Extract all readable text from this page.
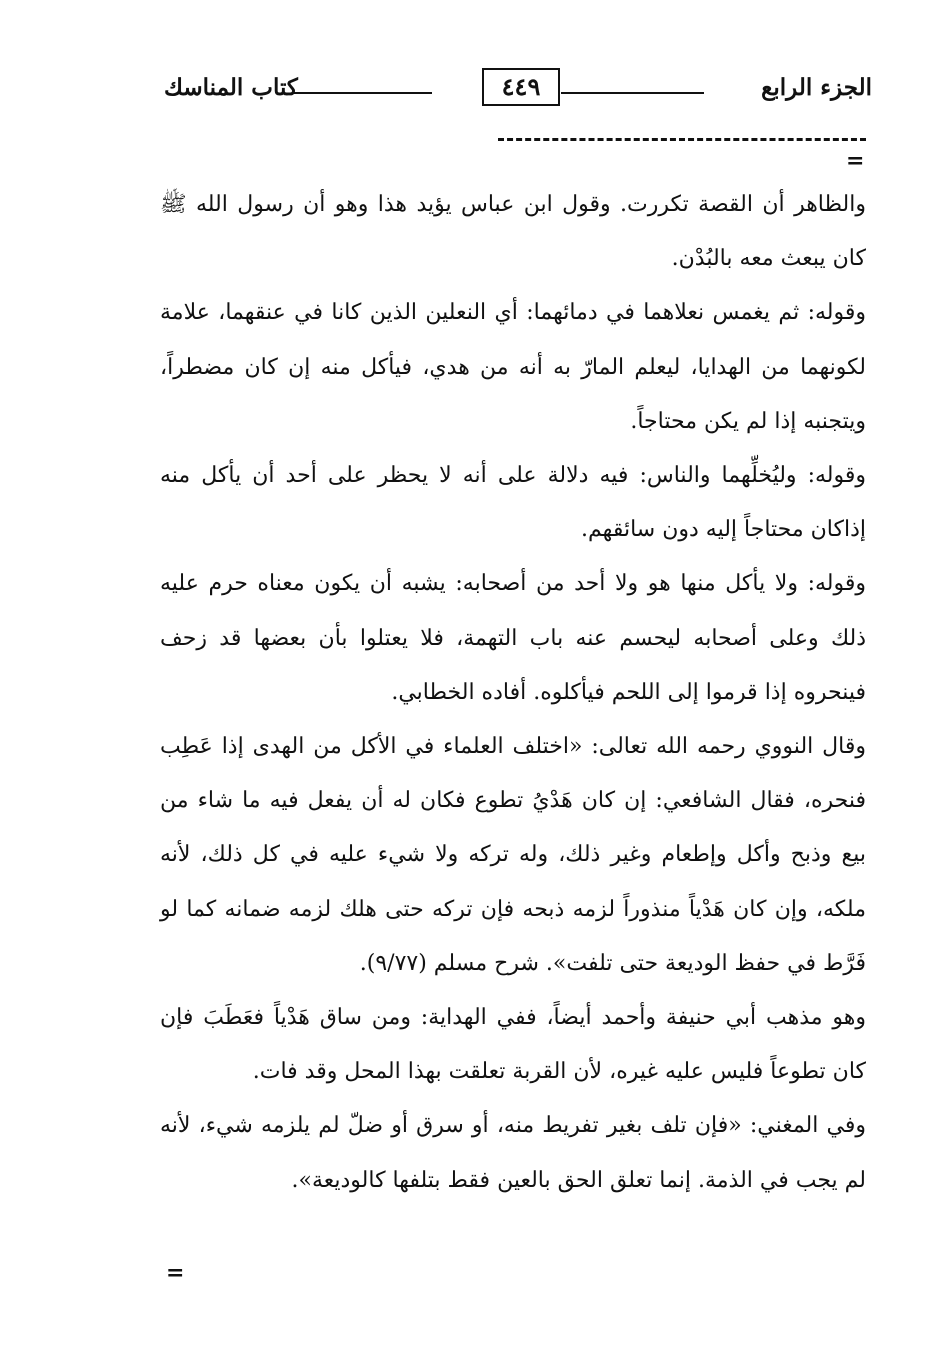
الجزء الرابع
٤٤٩
كتاب المناسك
=

والظاهر أن القصة تكررت. وقول ابن عباس يؤيد هذا وهو أن رسول الله ﷺ كان يبعث معه بالبُدْن.

وقوله: ثم يغمس نعلاهما في دمائهما: أي النعلين الذين كانا في عنقهما، علامة لكونهما من الهدايا، ليعلم المارّ به أنه من هدي، فيأكل منه إن كان مضطراً، ويتجنبه إذا لم يكن محتاجاً.

وقوله: وليُخلِّهما والناس: فيه دلالة على أنه لا يحظر على أحد أن يأكل منه إذاكان محتاجاً إليه دون سائقهم.

وقوله: ولا يأكل منها هو ولا أحد من أصحابه: يشبه أن يكون معناه حرم عليه ذلك وعلى أصحابه ليحسم عنه باب التهمة، فلا يعتلوا بأن بعضها قد زحف فينحروه إذا قرموا إلى اللحم فيأكلوه. أفاده الخطابي.

وقال النووي رحمه الله تعالى: «اختلف العلماء في الأكل من الهدى إذا عَطِب فنحره، فقال الشافعي: إن كان هَدْيُ تطوع فكان له أن يفعل فيه ما شاء من بيع وذبح وأكل وإطعام وغير ذلك، وله تركه ولا شيء عليه في كل ذلك، لأنه ملكه، وإن كان هَدْياً منذوراً لزمه ذبحه فإن تركه حتى هلك لزمه ضمانه كما لو فَرَّط في حفظ الوديعة حتى تلفت». شرح مسلم (٩/٧٧).

وهو مذهب أبي حنيفة وأحمد أيضاً، ففي الهداية: ومن ساق هَدْياً فعَطَبَ فإن كان تطوعاً فليس عليه غيره، لأن القربة تعلقت بهذا المحل وقد فات.

وفي المغني: «فإن تلف بغير تفريط منه، أو سرق أو ضلّ لم يلزمه شيء، لأنه لم يجب في الذمة. إنما تعلق الحق بالعين فقط بتلفها كالوديعة».

=
